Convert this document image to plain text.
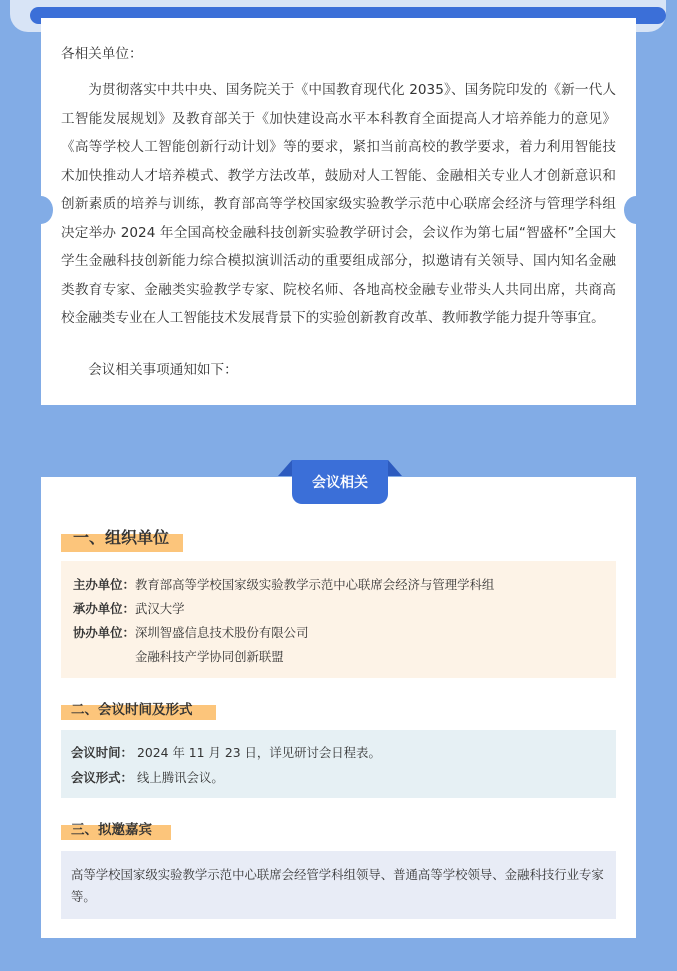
各相关单位：

为贯彻落实中共中央、国务院关于《中国教育现代化 2035》、国务院印发的《新一代人工智能发展规划》及教育部关于《加快建设高水平本科教育全面提高人才培养能力的意见》《高等学校人工智能创新行动计划》等的要求，紧扣当前高校的教学要求，着力利用智能技术加快推动人才培养模式、教学方法改革，鼓励对人工智能、金融相关专业人才创新意识和创新素质的培养与训练，教育部高等学校国家级实验教学示范中心联席会经济与管理学科组决定举办 2024 年全国高校金融科技创新实验教学研讨会，会议作为第七届“智盛杯”全国大学生金融科技创新能力综合模拟演训活动的重要组成部分，拟邀请有关领导、国内知名金融类教育专家、金融类实验教学专家、院校名师、各地高校金融专业带头人共同出席，共商高校金融类专业在人工智能技术发展背景下的实验创新教育改革、教师教学能力提升等事宜。

会议相关事项通知如下：

一、组织单位
主办单位： 教育部高等学校国家级实验教学示范中心联席会经济与管理学科组
承办单位： 武汉大学
协办单位： 深圳智盛信息技术股份有限公司
金融科技产学协同创新联盟
二、会议时间及形式
会议时间： 2024 年 11 月 23 日，详见研讨会日程表。
会议形式： 线上腾讯会议。
三、拟邀嘉宾
高等学校国家级实验教学示范中心联席会经管学科组领导、普通高等学校领导、金融科技行业专家等。
会议相关
